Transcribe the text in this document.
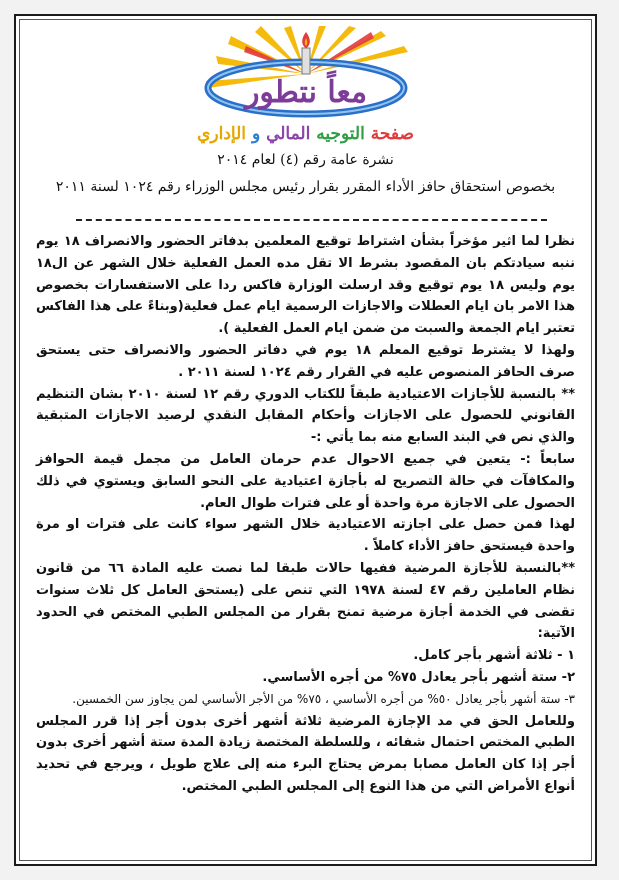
معاً نتطور
صفحة التوجيه المالي و الإداري
نشرة عامة رقم (٤) لعام ٢٠١٤
بخصوص استحقاق حافز الأداء المقرر بقرار رئيس مجلس الوزراء رقم ١٠٢٤ لسنة ٢٠١١

نظرا لما اثير مؤخراً بشأن اشتراط توقيع المعلمين بدفاتر الحضور والانصراف ١٨ يوم ننبه سيادتكم بان المقصود بشرط الا تقل مده العمل الفعلية خلال الشهر عن ال١٨ يوم وليس ١٨ يوم توقيع وقد ارسلت الوزارة فاكس ردا على الاستفسارات بخصوص هذا الامر بان ايام العطلات والاجازات الرسمية ايام عمل فعلية(وبناءً على هذا الفاكس تعتبر ايام الجمعة والسبت من ضمن ايام العمل الفعلية ).

ولهذا لا يشترط توقيع المعلم ١٨ يوم في دفاتر الحضور والانصراف حتى يستحق صرف الحافز المنصوص عليه في القرار رقم ١٠٢٤ لسنة ٢٠١١ .

** بالنسبة للأجازات الاعتيادية طبقاً للكتاب الدوري رقم ١٢ لسنة ٢٠١٠ بشان التنظيم القانوني للحصول على الاجازات وأحكام المقابل النقدي لرصيد الاجازات المتبقية والذي نص في البند السابع منه بما يأتي :-

سابعاً :- يتعين في جميع الاحوال عدم حرمان العامل من مجمل قيمة الحوافز والمكافآت في حالة التصريح له بأجازة اعتيادية على النحو السابق ويستوي في ذلك الحصول على الاجازة مرة واحدة أو على فترات طوال العام.

لهذا فمن حصل على اجازته الاعتيادية خلال الشهر سواء كانت على فترات او مرة واحدة فيستحق حافز الأداء كاملاً .

**بالنسبة للأجازة المرضية ففيها حالات طبقا لما نصت عليه المادة ٦٦ من قانون نظام العاملين رقم ٤٧ لسنة ١٩٧٨ التي تنص على (يستحق العامل كل ثلاث سنوات تقضى في الخدمة أجازة مرضية تمنح بقرار من المجلس الطبي المختص في الحدود الآتية:

١ - ثلاثة أشهر بأجر كامل.

٢- ستة أشهر بأجر يعادل ٧٥% من أجره الأساسي.

٣- ستة أشهر بأجر يعادل ٥٠% من أجره الأساسي ، ٧٥% من الأجر الأساسي لمن يجاوز سن الخمسين.

وللعامل الحق في مد الإجازة المرضية ثلاثة أشهر أخرى بدون أجر إذا قرر المجلس الطبي المختص احتمال شفائه ، وللسلطة المختصة زيادة المدة ستة أشهر أخرى بدون أجر إذا كان العامل مصابا بمرض يحتاج البرء منه إلى علاج طويل ، ويرجع في تحديد أنواع الأمراض التي من هذا النوع إلى المجلس الطبي المختص.
